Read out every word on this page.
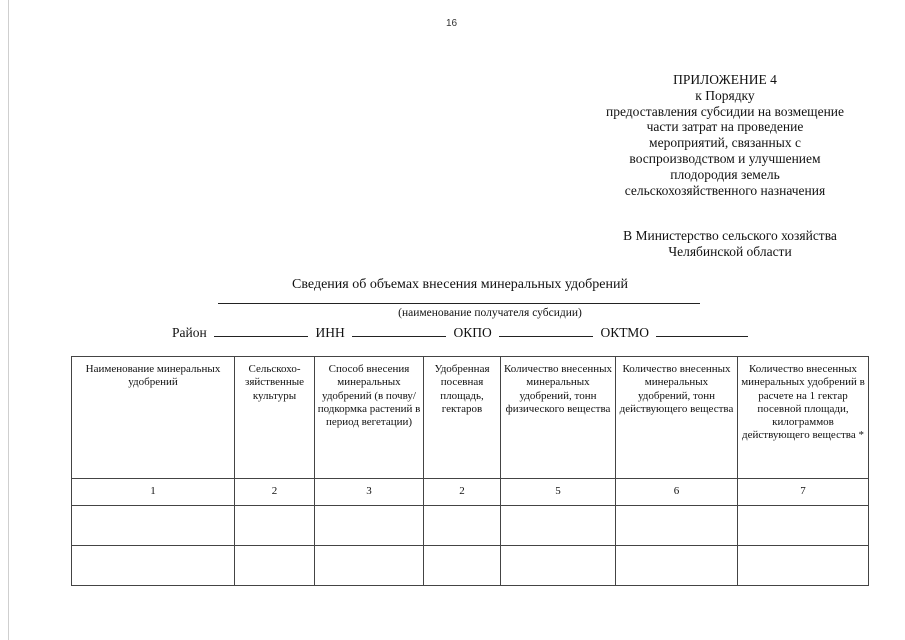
16
ПРИЛОЖЕНИЕ 4
к Порядку
предоставления субсидии на возмещение
части затрат на проведение
мероприятий, связанных с
воспроизводством и улучшением
плодородия земель
сельскохозяйственного назначения
В Министерство сельского хозяйства
Челябинской области
Сведения об объемах внесения минеральных удобрений
(наименование получателя субсидии)
Район	ИНН	ОКПО	ОКТМО
Наименование минеральных удобрений	Сельскохо-зяйственные культуры	Способ внесения минеральных удобрений (в почву/подкормка растений в период вегетации)	Удобренная посевная площадь, гектаров	Количество внесенных минеральных удобрений, тонн физического вещества	Количество внесенных минеральных удобрений, тонн действующего вещества	Количество внесенных минеральных удобрений в расчете на 1 гектар посевной площади, килограммов действующего вещества *
1	2	3	2	5	6	7
